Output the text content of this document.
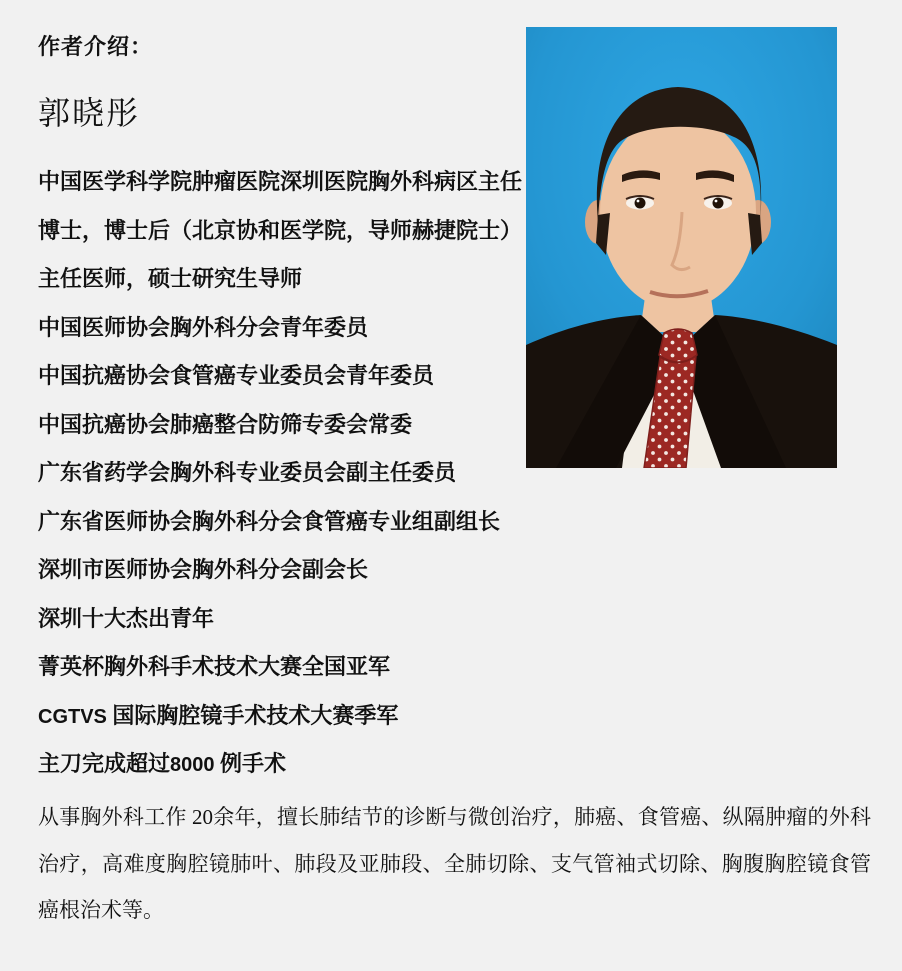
作者介绍：
郭晓彤
中国医学科学院肿瘤医院深圳医院胸外科病区主任
博士，博士后（北京协和医学院，导师赫捷院士）
主任医师，硕士研究生导师
中国医师协会胸外科分会青年委员
中国抗癌协会食管癌专业委员会青年委员
中国抗癌协会肺癌整合防筛专委会常委
广东省药学会胸外科专业委员会副主任委员
广东省医师协会胸外科分会食管癌专业组副组长
深圳市医师协会胸外科分会副会长
深圳十大杰出青年
菁英杯胸外科手术技术大赛全国亚军
CGTVS 国际胸腔镜手术技术大赛季军
主刀完成超过8000 例手术

从事胸外科工作 20余年，擅长肺结节的诊断与微创治疗，肺癌、食管癌、纵隔肿瘤的外科治疗，高难度胸腔镜肺叶、肺段及亚肺段、全肺切除、支气管袖式切除、胸腹胸腔镜食管癌根治术等。
